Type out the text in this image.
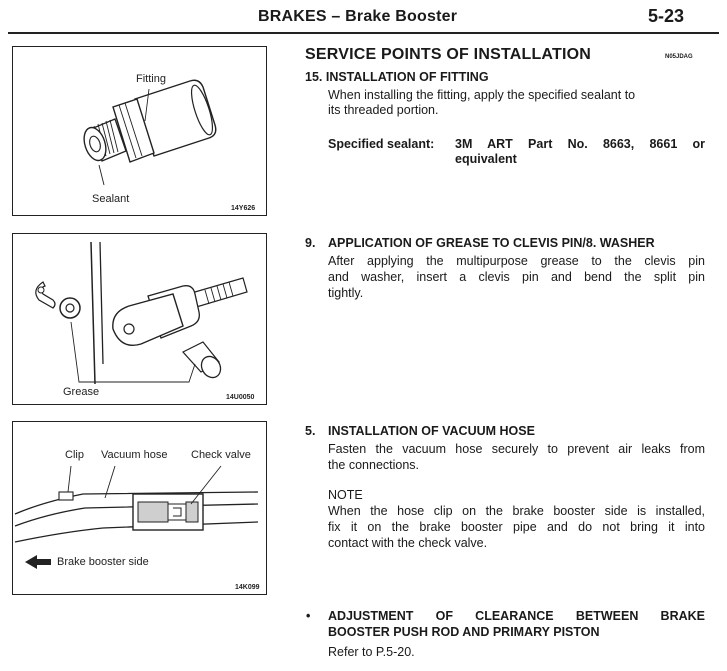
BRAKES – Brake Booster	5-23
Fitting
Sealant
14Y626
Grease	14U0050
Clip Vacuum hose Check valve
Brake booster side
14K099
SERVICE POINTS OF INSTALLATION	N05JDAG
15. INSTALLATION OF FITTING
When installing the fitting, apply the specified sealant to
its threaded portion.
Specified sealant: 3M ART Part No. 8663, 8661 or
equivalent
9. APPLICATION OF GREASE TO CLEVIS PIN/8. WASHER
After applying the multipurpose grease to the clevis pin
and washer, insert a clevis pin and bend the split pin
tightly.
5. INSTALLATION OF VACUUM HOSE
Fasten the vacuum hose securely to prevent air leaks from
the connections.
NOTE
When the hose clip on the brake booster side is installed,
fix it on the brake booster pipe and do not bring it into
contact with the check valve.
• ADJUSTMENT OF CLEARANCE BETWEEN BRAKE
BOOSTER PUSH ROD AND PRIMARY PISTON
Refer to P.5-20.
